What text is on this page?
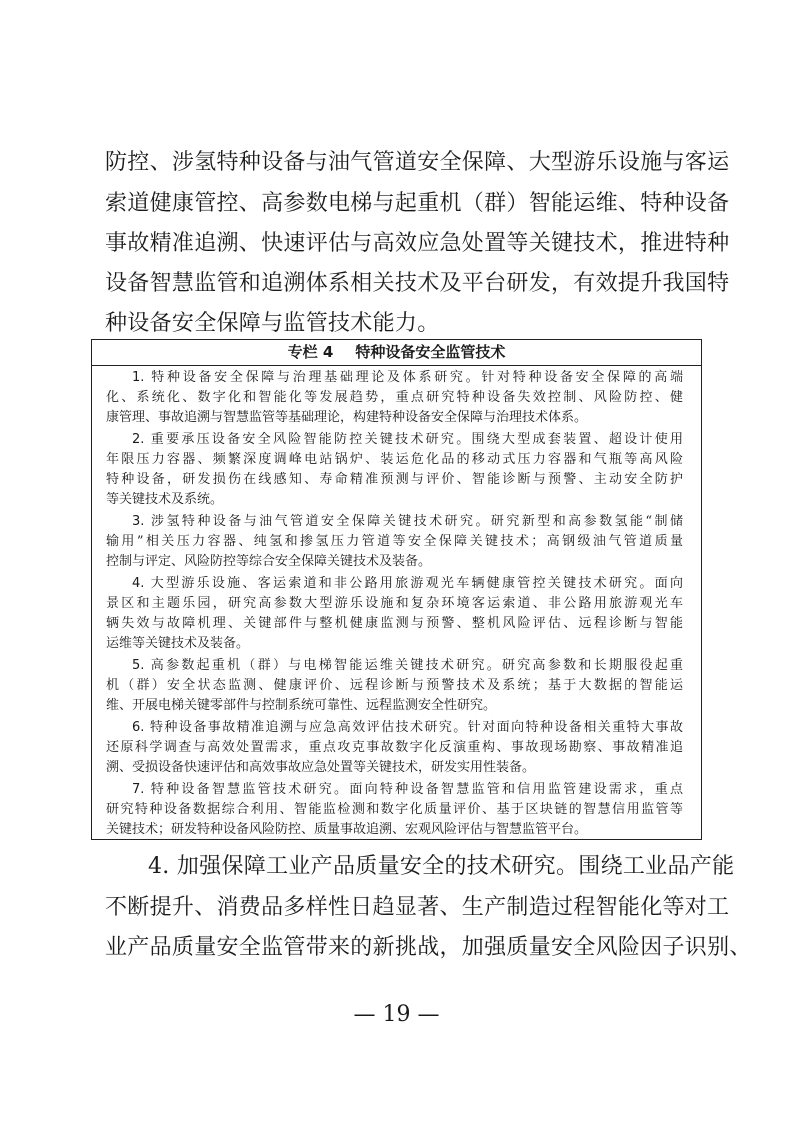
防控、涉氢特种设备与油气管道安全保障、大型游乐设施与客运
索道健康管控、高参数电梯与起重机（群）智能运维、特种设备
事故精准追溯、快速评估与高效应急处置等关键技术，推进特种
设备智慧监管和追溯体系相关技术及平台研发，有效提升我国特
种设备安全保障与监管技术能力。
专栏 4 特种设备安全监管技术
1. 特种设备安全保障与治理基础理论及体系研究。针对特种设备安全保障的高端
化、系统化、数字化和智能化等发展趋势，重点研究特种设备失效控制、风险防控、健
康管理、事故追溯与智慧监管等基础理论，构建特种设备安全保障与治理技术体系。
2. 重要承压设备安全风险智能防控关键技术研究。围绕大型成套装置、超设计使用
年限压力容器、频繁深度调峰电站锅炉、装运危化品的移动式压力容器和气瓶等高风险
特种设备，研发损伤在线感知、寿命精准预测与评价、智能诊断与预警、主动安全防护
等关键技术及系统。
3. 涉氢特种设备与油气管道安全保障关键技术研究。研究新型和高参数氢能“制储
输用”相关压力容器、纯氢和掺氢压力管道等安全保障关键技术；高钢级油气管道质量
控制与评定、风险防控等综合安全保障关键技术及装备。
4. 大型游乐设施、客运索道和非公路用旅游观光车辆健康管控关键技术研究。面向
景区和主题乐园，研究高参数大型游乐设施和复杂环境客运索道、非公路用旅游观光车
辆失效与故障机理、关键部件与整机健康监测与预警、整机风险评估、远程诊断与智能
运维等关键技术及装备。
5. 高参数起重机（群）与电梯智能运维关键技术研究。研究高参数和长期服役起重
机（群）安全状态监测、健康评价、远程诊断与预警技术及系统；基于大数据的智能运
维、开展电梯关键零部件与控制系统可靠性、远程监测安全性研究。
6. 特种设备事故精准追溯与应急高效评估技术研究。针对面向特种设备相关重特大事故
还原科学调查与高效处置需求，重点攻克事故数字化反演重构、事故现场勘察、事故精准追
溯、受损设备快速评估和高效事故应急处置等关键技术，研发实用性装备。
7. 特种设备智慧监管技术研究。面向特种设备智慧监管和信用监管建设需求，重点
研究特种设备数据综合利用、智能监检测和数字化质量评价、基于区块链的智慧信用监管等
关键技术；研发特种设备风险防控、质量事故追溯、宏观风险评估与智慧监管平台。
4. 加强保障工业产品质量安全的技术研究。围绕工业品产能
不断提升、消费品多样性日趋显著、生产制造过程智能化等对工
业产品质量安全监管带来的新挑战，加强质量安全风险因子识别、
— 19 —
